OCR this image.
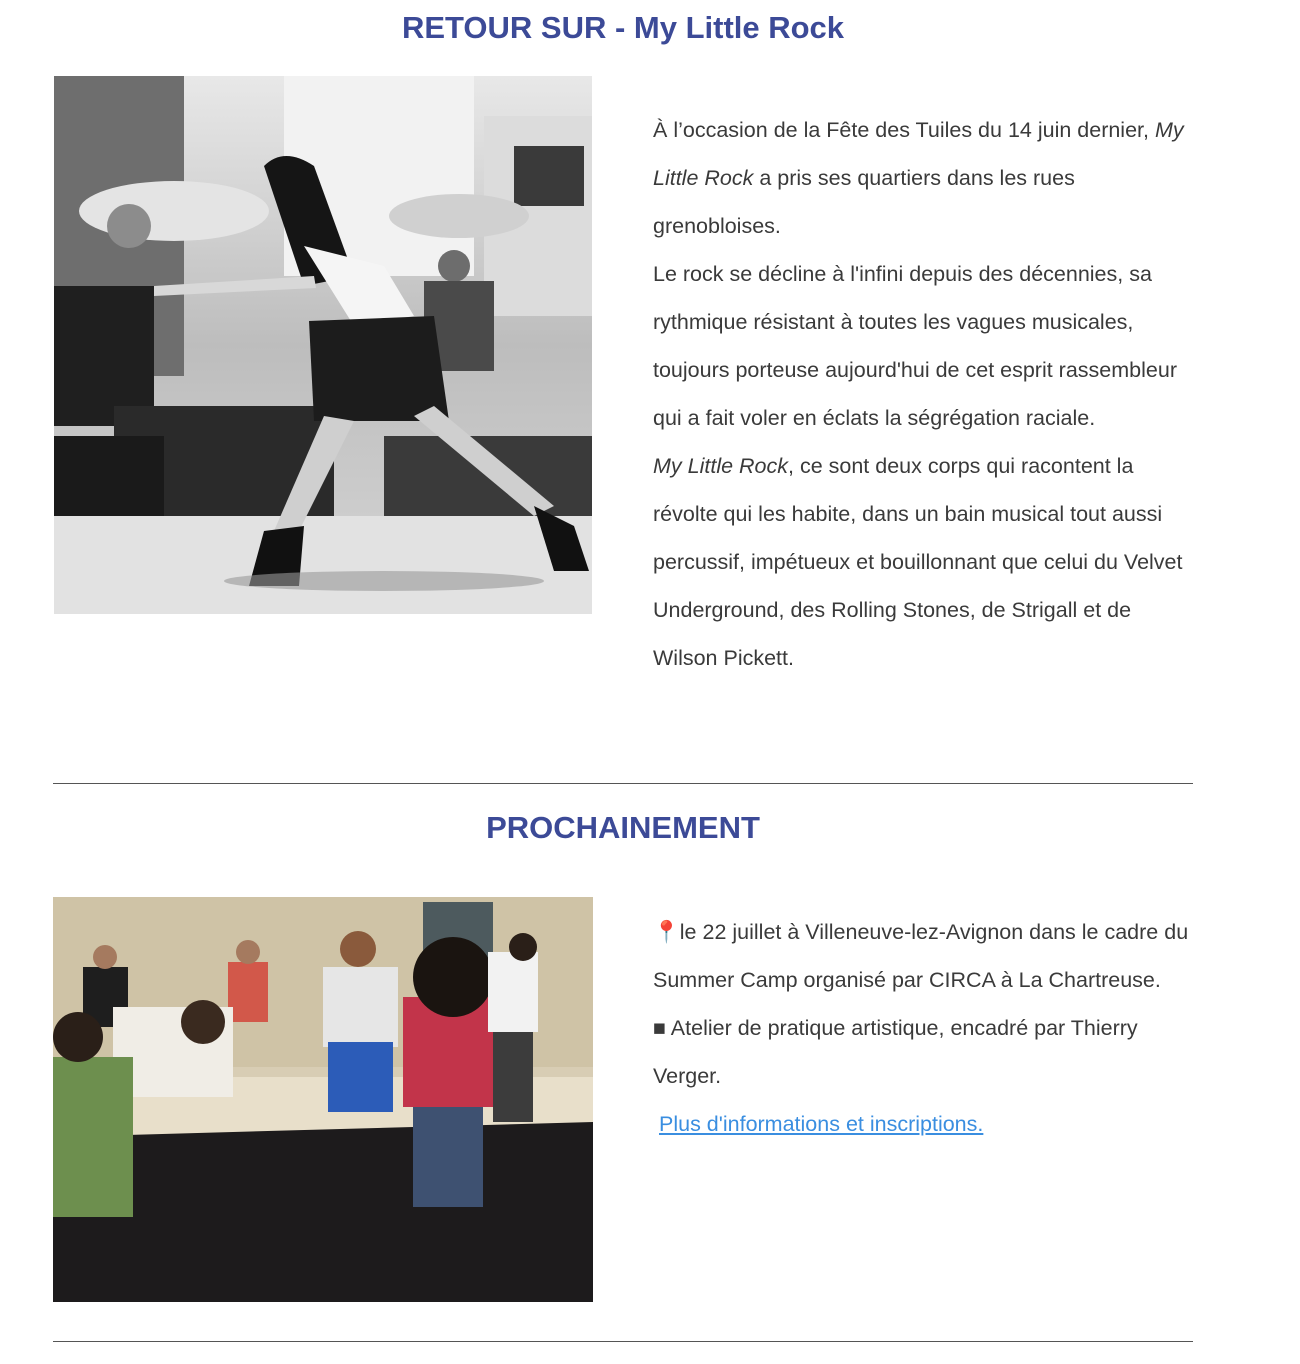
RETOUR SUR - My Little Rock

À l’occasion de la Fête des Tuiles du 14 juin dernier, My Little Rock a pris ses quartiers dans les rues grenobloises.

Le rock se décline à l'infini depuis des décennies, sa rythmique résistant à toutes les vagues musicales, toujours porteuse aujourd'hui de cet esprit rassembleur qui a fait voler en éclats la ségrégation raciale.

My Little Rock, ce sont deux corps qui racontent la révolte qui les habite, dans un bain musical tout aussi percussif, impétueux et bouillonnant que celui du Velvet Underground, des Rolling Stones, de Strigall et de Wilson Pickett.

PROCHAINEMENT

📍le 22 juillet à Villeneuve-lez-Avignon dans le cadre du Summer Camp organisé par CIRCA à La Chartreuse.

■ Atelier de pratique artistique, encadré par Thierry Verger.

Plus d'informations et inscriptions.
